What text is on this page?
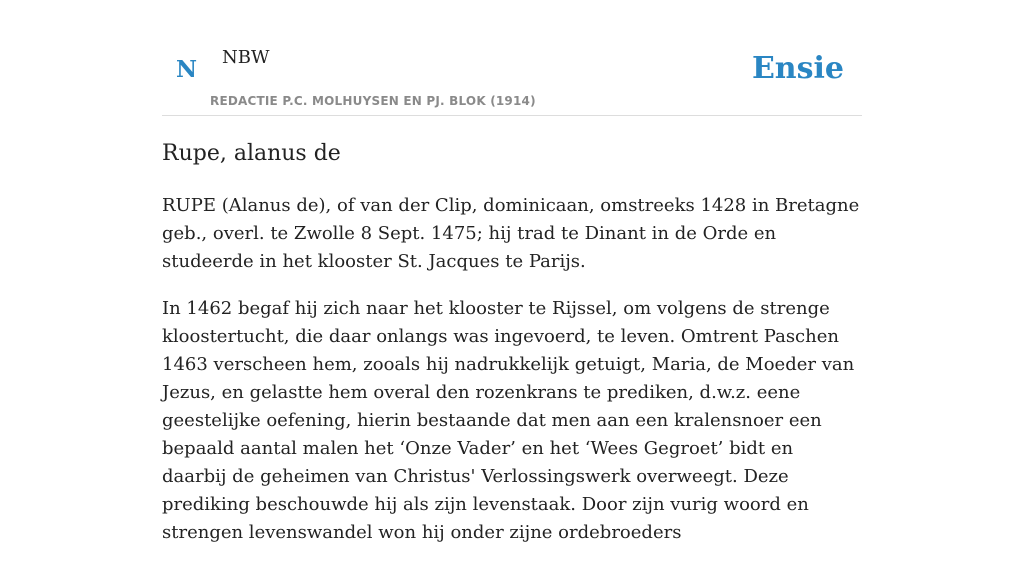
N NBW
REDACTIE P.C. MOLHUYSEN EN PJ. BLOK (1914)
Ensie
Rupe, alanus de

RUPE (Alanus de), of van der Clip, dominicaan, omstreeks 1428 in Bretagne geb., overl. te Zwolle 8 Sept. 1475; hij trad te Dinant in de Orde en studeerde in het klooster St. Jacques te Parijs.

In 1462 begaf hij zich naar het klooster te Rijssel, om volgens de strenge kloostertucht, die daar onlangs was ingevoerd, te leven. Omtrent Paschen 1463 verscheen hem, zooals hij nadrukkelijk getuigt, Maria, de Moeder van Jezus, en gelastte hem overal den rozenkrans te prediken, d.w.z. eene geestelijke oefening, hierin bestaande dat men aan een kralensnoer een bepaald aantal malen het ‘Onze Vader’ en het ‘Wees Gegroet’ bidt en daarbij de geheimen van Christus' Verlossingswerk overweegt. Deze prediking beschouwde hij als zijn levenstaak. Door zijn vurig woord en strengen levenswandel won hij onder zijne ordebroeders
